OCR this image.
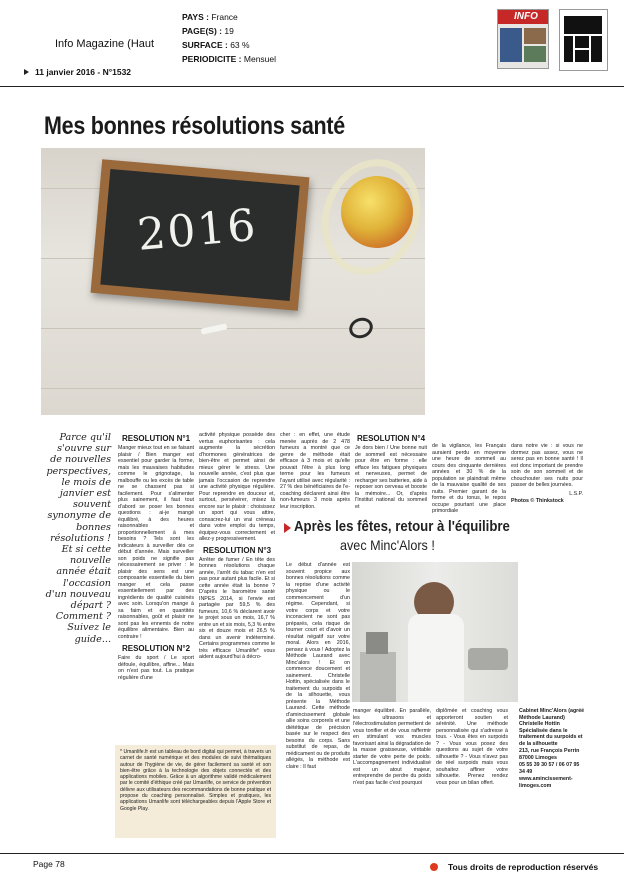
Info Magazine (Haut
11 janvier 2016 - N°1532
PAYS : France
PAGE(S) : 19
SURFACE : 63 %
PERIODICITE : Mensuel
INFO
Mes bonnes résolutions santé
2016
Parce qu'il s'ouvre sur de nouvelles perspectives, le mois de janvier est souvent synonyme de bonnes résolutions ! Et si cette nouvelle année était l'occasion d'un nouveau départ ? Comment ? Suivez le guide...
RESOLUTION N°1

Manger mieux tout en se faisant plaisir / Bien manger est essentiel pour garder la forme, mais les mauvaises habitudes comme le grignotage, la malbouffe ou les excès de table ne se chassent pas si facilement. Pour s'alimenter plus sainement, il faut tout d'abord se poser les bonnes questions : ai-je mangé équilibré, à des heures raisonnables et proportionnellement à mes besoins ? Tels sont les indicateurs à surveiller dès ce début d'année. Mais surveiller son poids ne signifie pas nécessairement se priver : le plaisir des sens est une composante essentielle du bien manger et cela passe essentiellement par des ingrédients de qualité cuisinés avec soin. Lorsqu'on mange à sa faim et en quantités raisonnables, goût et plaisir ne sont pas les ennemis de notre équilibre alimentaire. Bien au contraire !

RESOLUTION N°2

Faire du sport / Le sport défoule, équilibre, affine... Mais on n'est pas tout. La pratique régulière d'une

activité physique possède des vertus euphorisantes : cela augmente la sécrétion d'hormones génératrices de bien-être et permet ainsi de mieux gérer le stress. Une nouvelle année, c'est plus que jamais l'occasion de reprendre une activité physique régulière. Pour reprendre en douceur et, surtout, persévérer, misez là encore sur le plaisir : choisissez un sport qui vous attire, consacrez-lui un vrai créneau dans votre emploi du temps, équipez-vous correctement et allez-y progressivement.

RESOLUTION N°3

Arrêter de fumer / En tête des bonnes résolutions chaque année, l'arrêt du tabac n'en est pas pour autant plus facile. Et si cette année était la bonne ? D'après le baromètre santé INPES 2014, si l'envie est partagée par 59,5 % des fumeurs, 10,6 % déclarent avoir le projet sous un mois, 16,7 % entre un et six mois, 5,3 % entre six et douze mois et 26,5 % dans un avenir indéterminé. Certains programmes comme le très efficace Umanlife* vous aident aujourd'hui à décro-

cher : en effet, une étude menée auprès de 2 478 fumeurs a montré que ce genre de méthode était efficace à 3 mois et qu'elle pouvait l'être à plus long terme pour les fumeurs l'ayant utilisé avec régularité : 27 % des bénéficiaires de l'e-coaching déclarent ainsi être non-fumeurs 3 mois après leur inscription.

RESOLUTION N°4

Je dors bien / Une bonne nuit de sommeil est nécessaire pour être en forme : elle efface les fatigues physiques et nerveuses, permet de recharger ses batteries, aide à reposer son cerveau et booste la mémoire... Or, d'après l'Institut national du sommeil et

de la vigilance, les Français auraient perdu en moyenne une heure de sommeil au cours des cinquante dernières années et 30 % de la population se plaindrait même de la mauvaise qualité de ses nuits. Premier garant de la forme et du tonus, le repos occupe pourtant une place primordiale

dans notre vie : si vous ne dormez pas assez, vous ne serez pas en bonne santé ! Il est donc important de prendre soin de son sommeil et de chouchouter ses nuits pour passer de belles journées.

L.S.P.

Photos © Thinkstock

* Umanlife.fr est un tableau de bord digital qui permet, à travers un carnet de santé numérique et des modules de suivi thématiques autour de l'hygiène de vie, de gérer facilement sa santé et son bien-être grâce à la technologie des objets connectés et des applications mobiles. Grâce à un algorithme validé médicalement par le comité d'éthique créé par Umanlife, ce service de prévention délivre aux utilisateurs des recommandations de bonne pratique et propose du coaching personnalisé. Simples et pratiques, les applications Umanlife sont téléchargeables depuis l'Apple Store et Google Play.
Après les fêtes, retour à l'équilibre
avec Minc'Alors !

Le début d'année est souvent propice aux bonnes résolutions comme la reprise d'une activité physique ou le commencement d'un régime. Cependant, si votre corps et votre inconscient ne sont pas préparés, cela risque de tourner court et d'avoir un résultat négatif sur votre moral. Alors en 2016, pensez à vous ! Adoptez la Méthode Laurand avec Minc'alors ! Et on commence doucement et sainement. Christelle Hottin, spécialisée dans le traitement du surpoids et de la silhouette, vous présente la Méthode Laurand. Cette méthode d'amincissement globale allie soins corporels et une diététique de précision basée sur le respect des besoins du corps. Sans substitut de repas, de médicament ou de produits allégés, la méthode est claire : Il faut

manger équilibré. En parallèle, les ultrasons et l'électrostimulation permettent de vous tonifier et de vous raffermir en stimulant vos muscles favorisant ainsi la dégradation de la masse graisseuse, véritable starter de votre perte de poids. L'accompagnement individualisé est un atout majeur, entreprendre de perdre du poids n'est pas facile c'est pourquoi

diplômée et coaching vous apporteront soutien et sérénité. Une méthode personnalisée qui s'adresse à tous. - Vous êtes en surpoids ? - Vous vous posez des questions au sujet de votre silhouette ? - Vous n'avez pas de réel surpoids mais vous souhaitez affiner votre silhouette. Prenez rendez vous pour un bilan offert.

Cabinet Minc'Alors (agréé Méthode Laurand) Christelle Hottin Spécialisée dans le traitement du surpoids et de la silhouette

213, rue François Perrin 87000 Limoges

05 55 39 30 57 / 06 07 95 34 49

www.amincissement-limoges.com

Page 78	Tous droits de reproduction réservés
